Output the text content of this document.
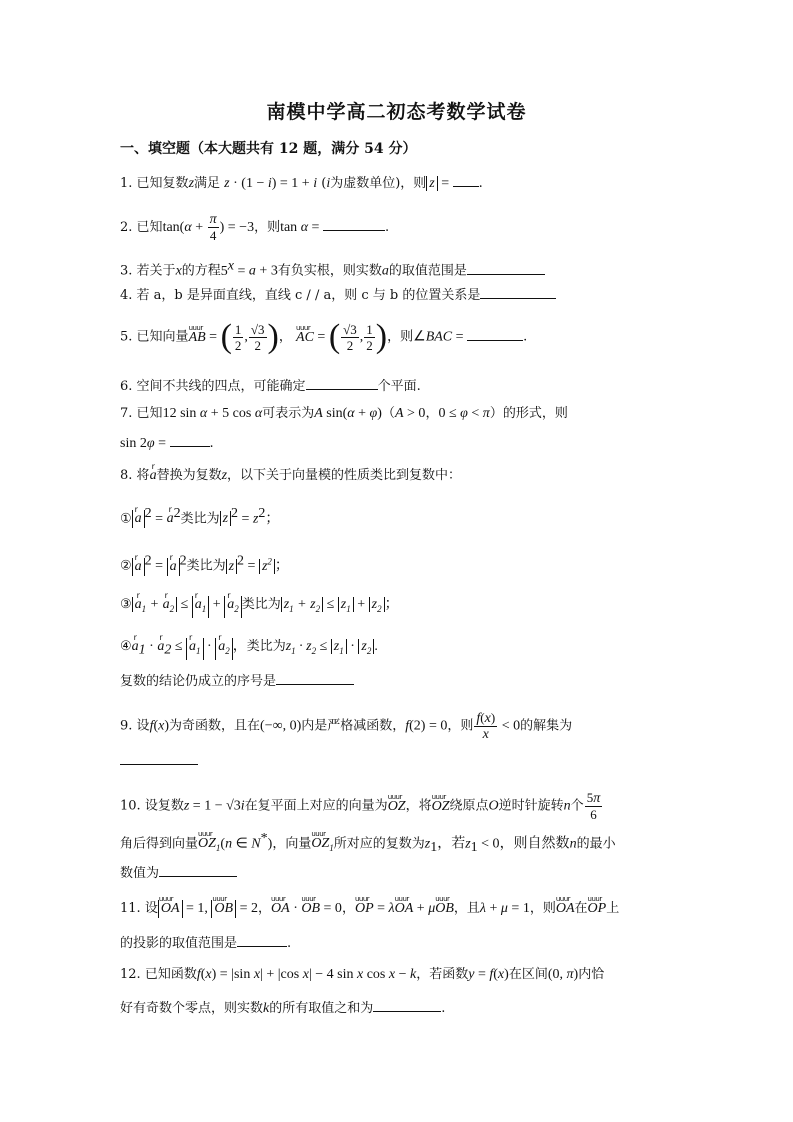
南模中学高二初态考数学试卷
一、填空题（本大题共有 12 题，满分 54 分）
1. 已知复数z满足 z · (1 − i) = 1 + i (i为虚数单位)，则 z = .
2. 已知$\tan(\alpha + \frac{\pi}{4}$ ) = −3，则tan α =	.
3. 若关于x的方程$5^x = a + 3$有负实根，则实数a的取值范围是
4. 若 a，b 是异面直线，直线 c / / a，则 c 与 b 的位置关系是
5. 已知向量uuur AB = ( $\frac{1}{2}$ , $\frac{√3}{2}$ )， uuur AC = ( $\frac{√3}{2}$ , $\frac{1}{2}$ )，则∠BAC =	.
6. 空间不共线的四点，可能确定	个平面.
7. 已知12 sin α + 5 cos α可表示为A sin(α + φ)（A > 0，0 ≤ φ < π）的形式，则
sin 2φ =	.
8. 将r a替换为复数z，以下关于向量模的性质类比到复数中：
① r a $^2$ = r $a^2$类比为 z $^2 = z^2$；
② r a $^2$ = r a $^2$类比为 z $^2 = z^2$ ；
③ r $a_1 + r$ $a_2 \le r$ $a_1 + r$ $a_2$ 类比为 $z_1 + z_2 \le z_1 + z_2$ ；
④r $a_1 \cdot r$ $a_2 \le r$ $a_1 \cdot r$ $a_2$ ，类比为$z_1 \cdot z_2 \le z_1 \cdot z_2$ .
复数的结论仍成立的序号是
9. 设f(x)为奇函数，且在(−∞, 0)内是严格减函数，f(2) = 0，则 $\frac{f(x)}{x} < 0$的解集为
10. 设复数z = 1 − √3i在复平面上对应的向量为uuur OZ，将uuur OZ绕原点O逆时针旋转n个 $\frac{5\pi}{6}$
角后得到向量uuur $OZ_1(n$ ∈ N*)，向量uuur $OZ_1$所对应的复数为$z_1$，若$z_1 < 0$，则自然数n的最小
数值为
11. 设 uuur OA = 1, uuur OB = 2，uuur OA · uuur OB = 0，uuur OP = λuuur OA + μuuur OB，且λ + μ = 1，则uuur OA在uuur OP上
的投影的取值范围是	.
12. 已知函数f(x) = |sin x| + |cos x| − 4 sin x cos x − k，若函数y = f(x)在区间(0, π)内恰
好有奇数个零点，则实数k的所有取值之和为	.
